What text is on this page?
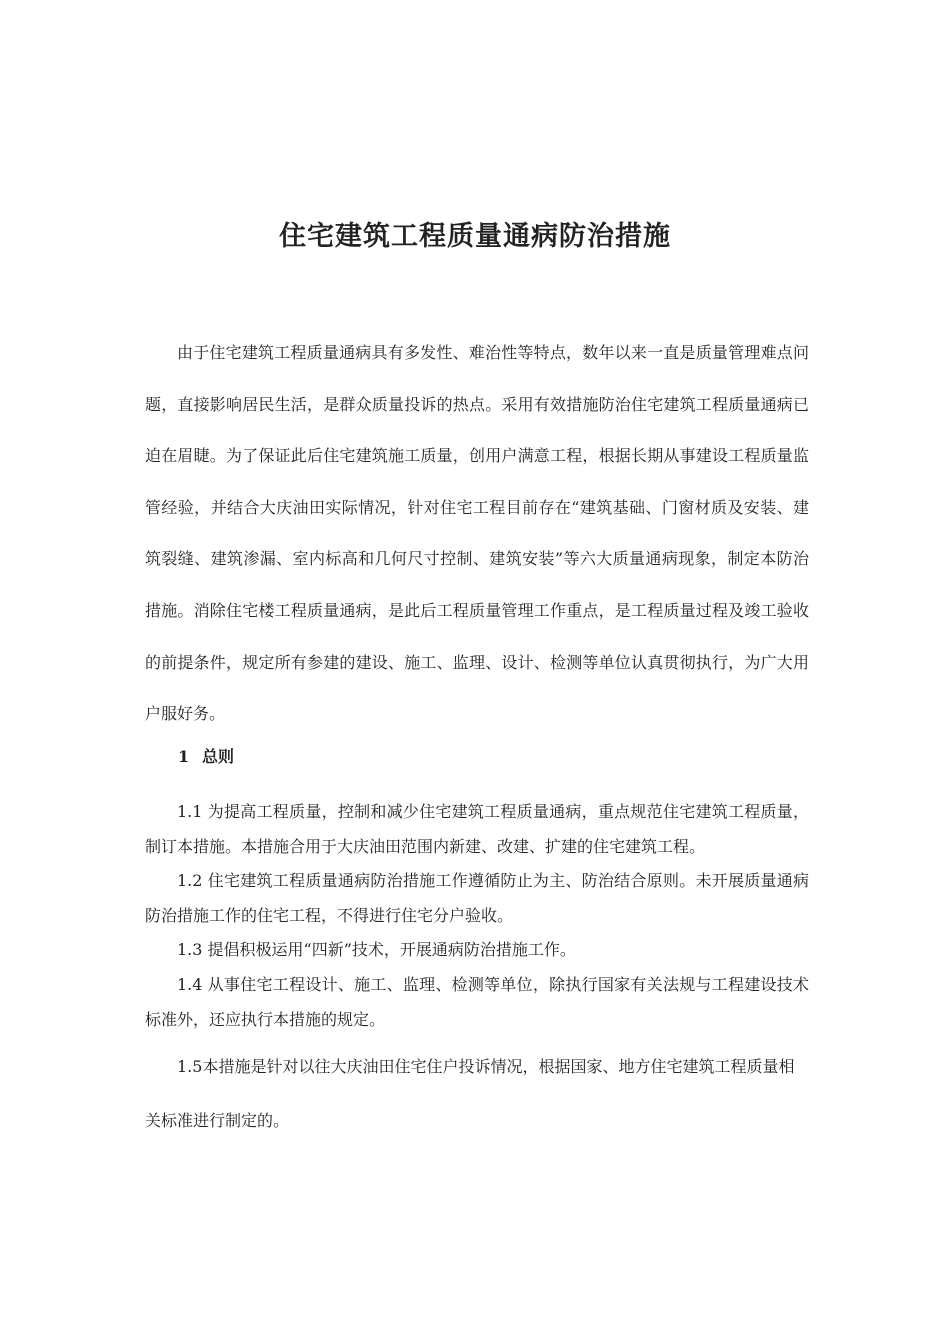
住宅建筑工程质量通病防治措施

由于住宅建筑工程质量通病具有多发性、难治性等特点，数年以来一直是质量管理难点问题，直接影响居民生活，是群众质量投诉的热点。采用有效措施防治住宅建筑工程质量通病已迫在眉睫。为了保证此后住宅建筑施工质量，创用户满意工程，根据长期从事建设工程质量监管经验，并结合大庆油田实际情况，针对住宅工程目前存在“建筑基础、门窗材质及安装、建筑裂缝、建筑渗漏、室内标高和几何尺寸控制、建筑安装”等六大质量通病现象，制定本防治措施。消除住宅楼工程质量通病，是此后工程质量管理工作重点，是工程质量过程及竣工验收的前提条件，规定所有参建的建设、施工、监理、设计、检测等单位认真贯彻执行，为广大用户服好务。

1 总则

1.1 为提高工程质量，控制和减少住宅建筑工程质量通病，重点规范住宅建筑工程质量，制订本措施。本措施合用于大庆油田范围内新建、改建、扩建的住宅建筑工程。

1.2 住宅建筑工程质量通病防治措施工作遵循防止为主、防治结合原则。未开展质量通病防治措施工作的住宅工程，不得进行住宅分户验收。

1.3 提倡积极运用“四新”技术，开展通病防治措施工作。

1.4 从事住宅工程设计、施工、监理、检测等单位，除执行国家有关法规与工程建设技术标准外，还应执行本措施的规定。

1.5本措施是针对以往大庆油田住宅住户投诉情况，根据国家、地方住宅建筑工程质量相关标准进行制定的。
